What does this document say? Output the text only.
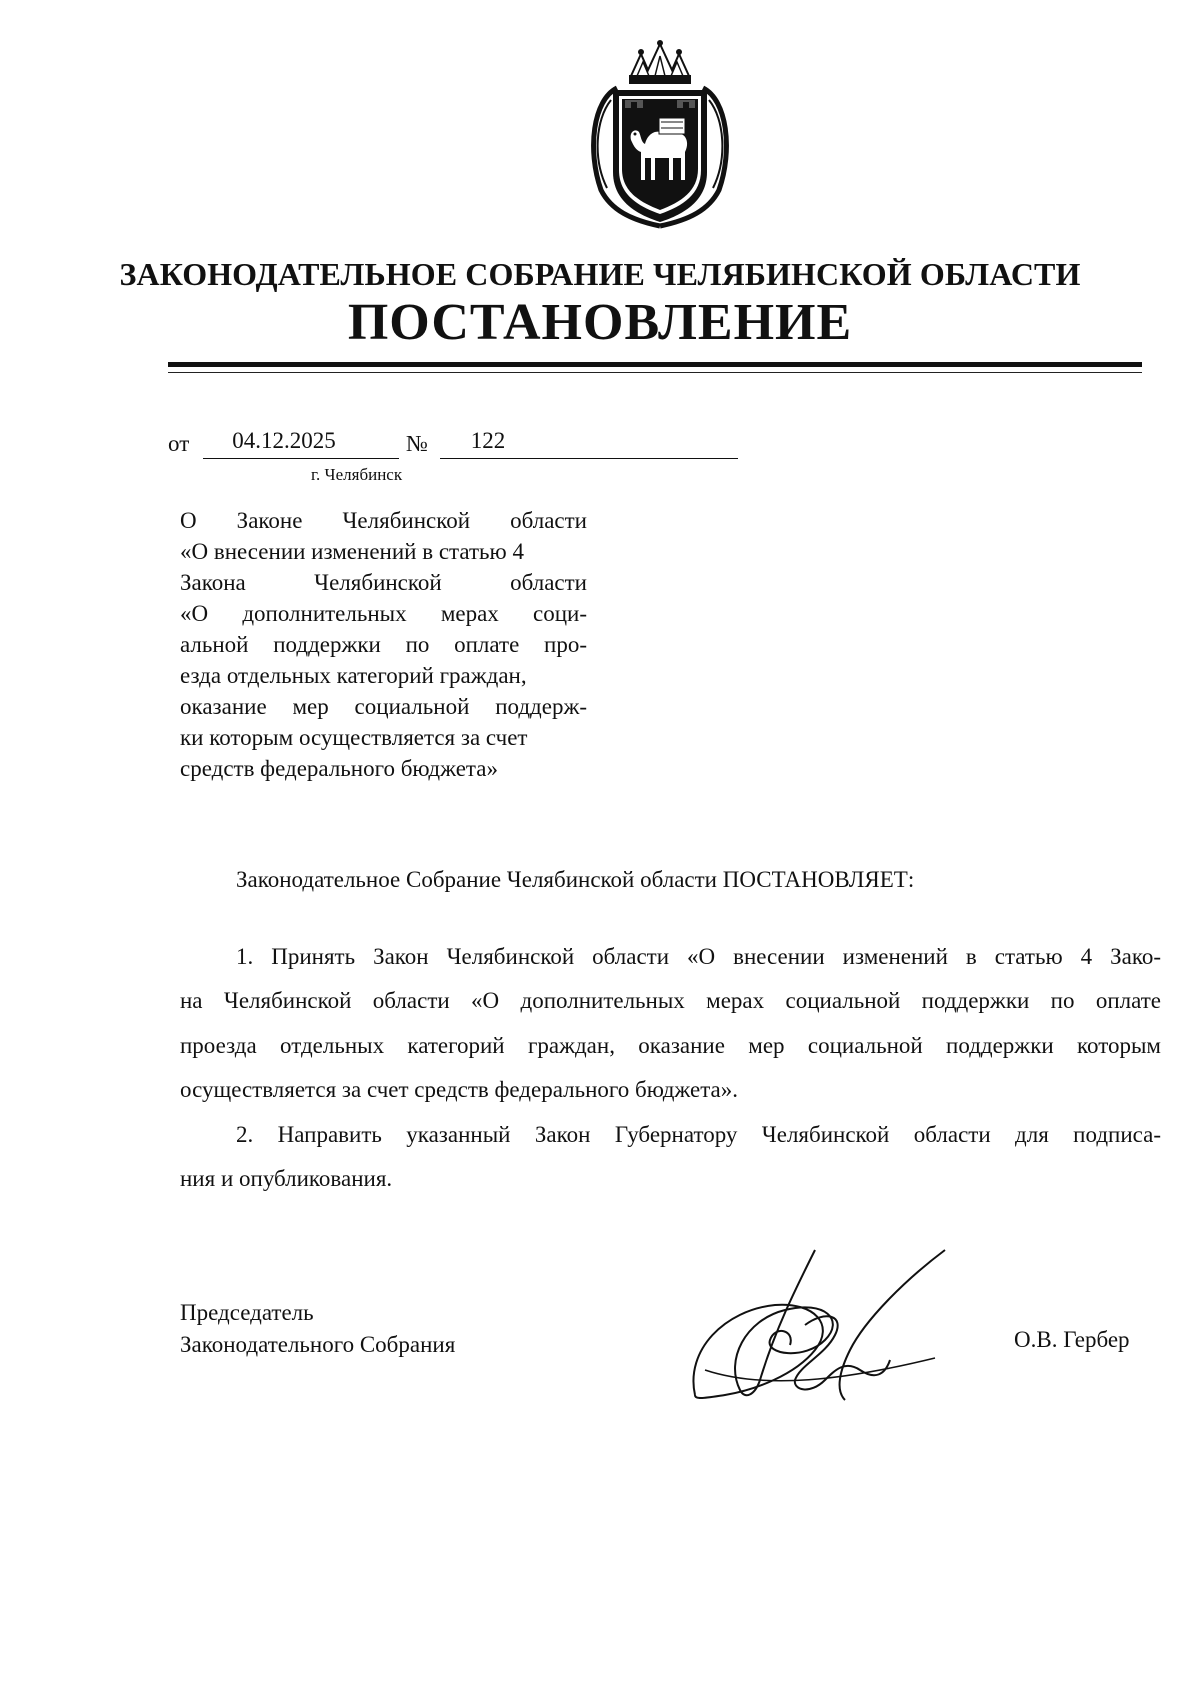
ЗАКОНОДАТЕЛЬНОЕ СОБРАНИЕ ЧЕЛЯБИНСКОЙ ОБЛАСТИ
ПОСТАНОВЛЕНИЕ
от	04.12.2025	№	122
г. Челябинск
О Законе Челябинской области
«О внесении изменений в статью 4
Закона Челябинской области
«О дополнительных мерах соци-
альной поддержки по оплате про-
езда отдельных категорий граждан,
оказание мер социальной поддерж-
ки которым осуществляется за счет
средств федерального бюджета»
Законодательное Собрание Челябинской области ПОСТАНОВЛЯЕТ:
1. Принять Закон Челябинской области «О внесении изменений в статью 4 Зако-
на Челябинской области «О дополнительных мерах социальной поддержки по оплате
проезда отдельных категорий граждан, оказание мер социальной поддержки которым
осуществляется за счет средств федерального бюджета».
2. Направить указанный Закон Губернатору Челябинской области для подписа-
ния и опубликования.
Председатель
Законодательного Собрания	О.В. Гербер
